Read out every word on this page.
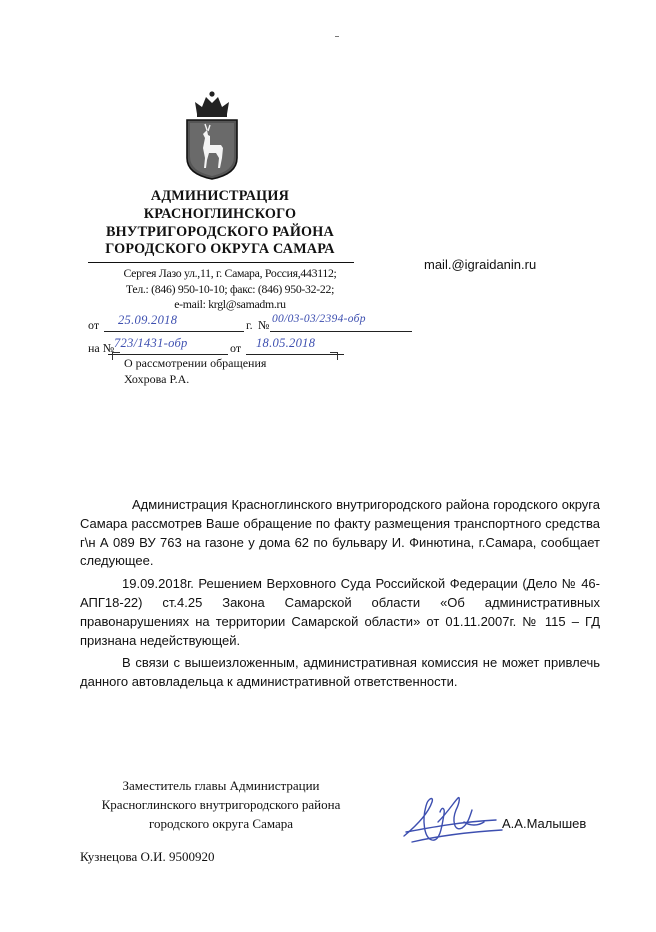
АДМИНИСТРАЦИЯ
КРАСНОГЛИНСКОГО
ВНУТРИГОРОДСКОГО РАЙОНА
ГОРОДСКОГО ОКРУГА САМАРА
Сергея Лазо ул.,11, г. Самара, Россия,443112;
Тел.: (846) 950-10-10; факс: (846) 950-32-22;
e-mail: krgl@samadm.ru
mail.@igraidanin.ru
от 25.09.2018	г. № 00/03-03/2394-обр
на № 723/1431-обр	от 18.05.2018
О рассмотрении обращения
Хохрова Р.А.

Администрация Красноглинского внутригородского района городского округа Самара рассмотрев Ваше обращение по факту размещения транспортного средства г\н А 089 ВУ 763 на газоне у дома 62 по бульвару И. Финютина, г.Самара, сообщает следующее.

19.09.2018г. Решением Верховного Суда Российской Федерации (Дело № 46-АПГ18-22) ст.4.25 Закона Самарской области «Об административных правонарушениях на территории Самарской области» от 01.11.2007г. № 115 – ГД признана недействующей.

В связи с вышеизложенным, административная комиссия не может привлечь данного автовладельца к административной ответственности.

Заместитель главы Администрации
Красноглинского внутригородского района
городского округа Самара	А.А.Малышев
Кузнецова О.И. 9500920
